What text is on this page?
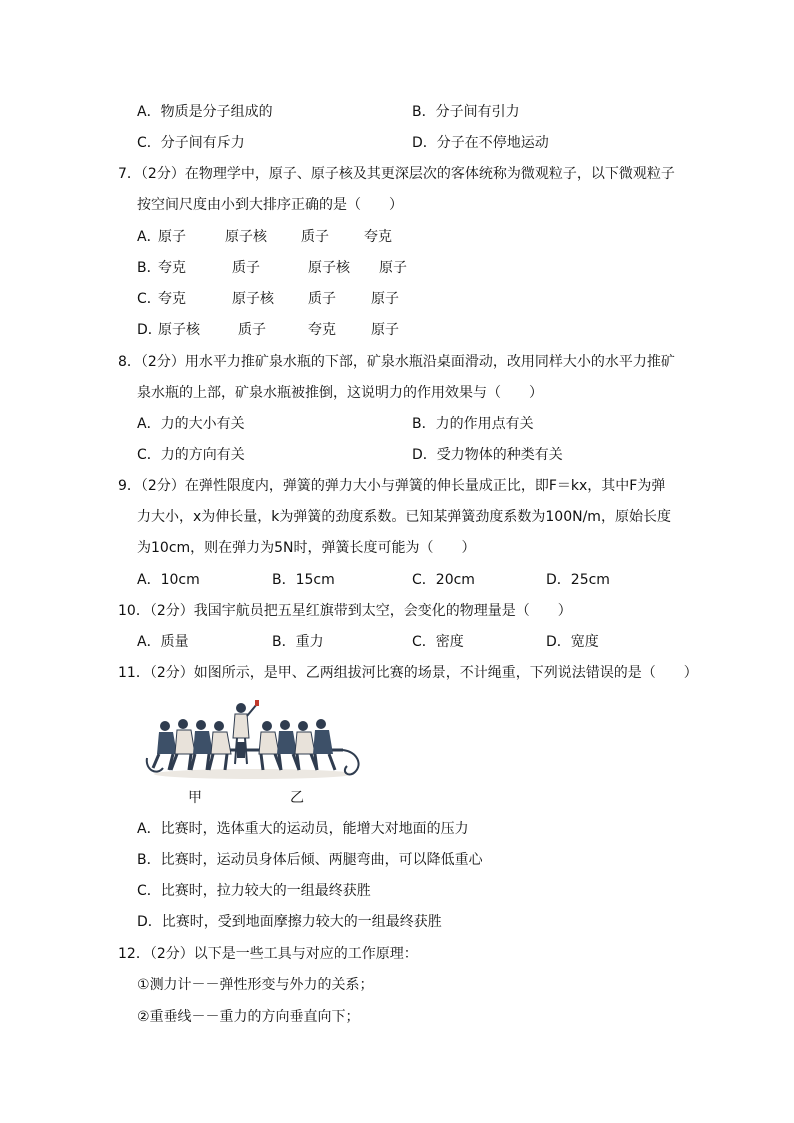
A．物质是分子组成的	B．分子间有引力
C．分子间有斥力	D．分子在不停地运动
7．（2分）在物理学中，原子、原子核及其更深层次的客体统称为微观粒子，以下微观粒子
按空间尺度由小到大排序正确的是（　　）
A．
原子	原子核 质子	夸克
B．
夸克	质子	原子核 原子
C．
夸克	原子核 质子	原子
D．
原子核	质子	夸克	原子
8．（2分）用水平力推矿泉水瓶的下部，矿泉水瓶沿桌面滑动，改用同样大小的水平力推矿
泉水瓶的上部，矿泉水瓶被推倒，这说明力的作用效果与（　　）
A．力的大小有关	B．力的作用点有关
C．力的方向有关	D．受力物体的种类有关
9．（2分）在弹性限度内，弹簧的弹力大小与弹簧的伸长量成正比，即F＝kx，其中F为弹
力大小，x为伸长量，k为弹簧的劲度系数。已知某弹簧劲度系数为100N/m，原始长度
为10cm，则在弹力为5N时，弹簧长度可能为（　　）
A．10cm	B．15cm	C．20cm	D．25cm
10．（2分）我国宇航员把五星红旗带到太空，会变化的物理量是（　　）
A．质量	B．重力	C．密度	D．宽度
11．（2分）如图所示，是甲、乙两组拔河比赛的场景，不计绳重，下列说法错误的是（　　）
甲	乙
A．比赛时，选体重大的运动员，能增大对地面的压力
B．比赛时，运动员身体后倾、两腿弯曲，可以降低重心
C．比赛时，拉力较大的一组最终获胜
D．比赛时，受到地面摩擦力较大的一组最终获胜
12．（2分）以下是一些工具与对应的工作原理：
①测力计－－弹性形变与外力的关系；
②重垂线－－重力的方向垂直向下；
